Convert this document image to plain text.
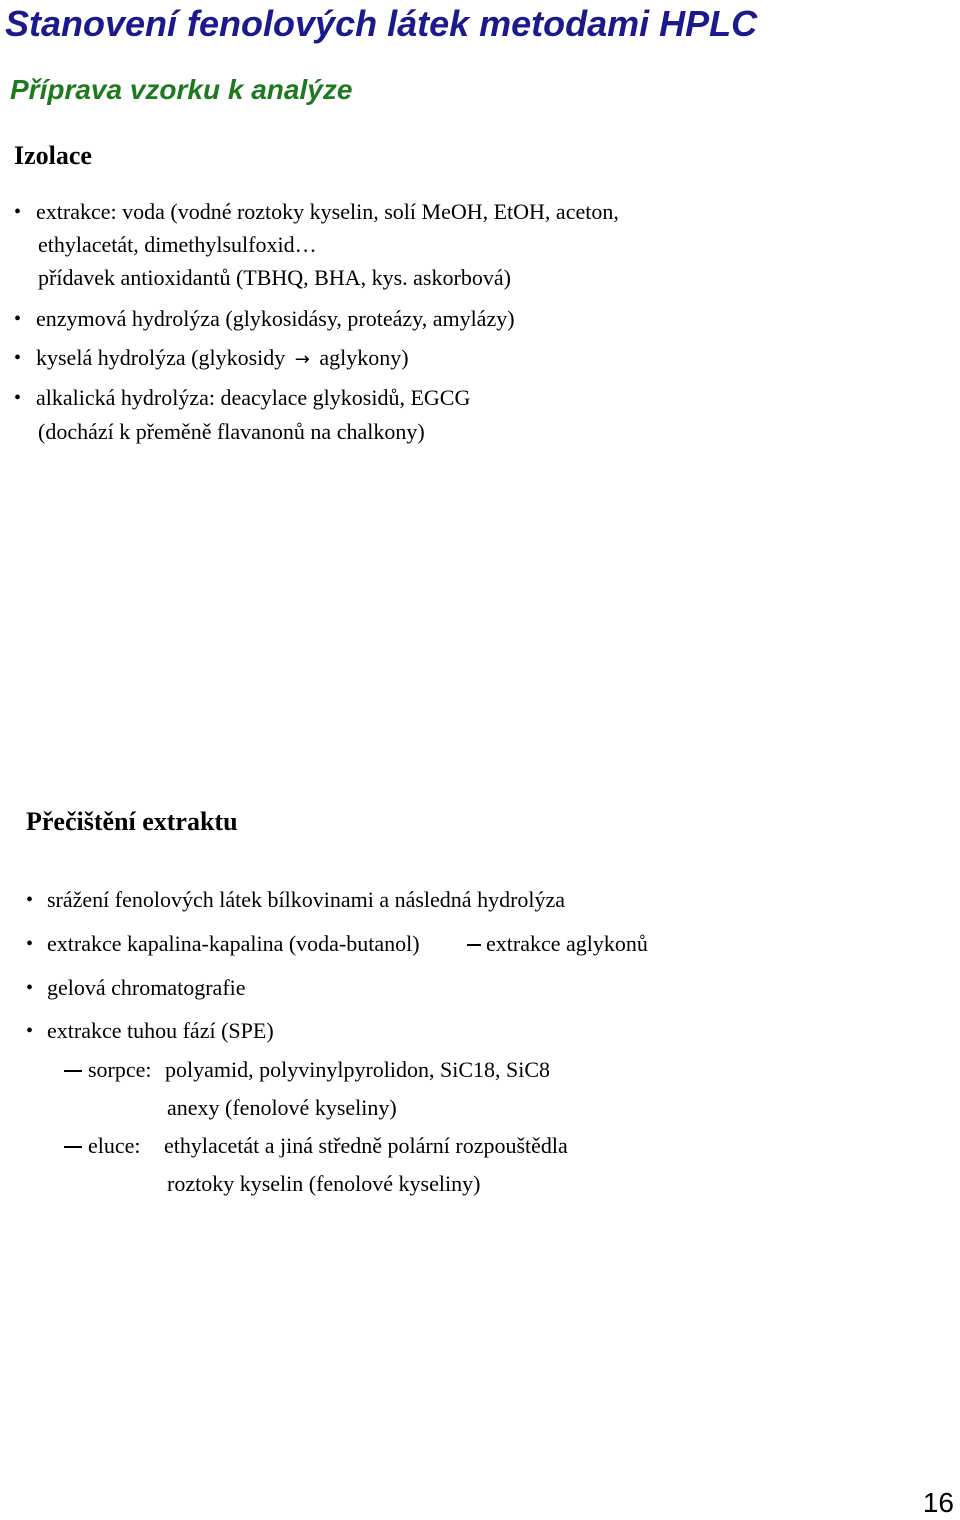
Stanovení fenolových látek metodami HPLC
Příprava vzorku k analýze
Izolace
• extrakce: voda (vodné roztoky kyselin, solí MeOH, EtOH, aceton,
ethylacetát, dimethylsulfoxid…
přídavek antioxidantů (TBHQ, BHA, kys. askorbová)
• enzymová hydrolýza (glykosidásy, proteázy, amylázy)
• kyselá hydrolýza (glykosidy → aglykony)
• alkalická hydrolýza: deacylace glykosidů, EGCG
(dochází k přeměně flavanonů na chalkony)
Přečištění extraktu
• srážení fenolových látek bílkovinami a následná hydrolýza
• extrakce kapalina-kapalina (voda-butanol)	extrakce aglykonů
• gelová chromatografie
• extrakce tuhou fází (SPE)
sorpce: polyamid, polyvinylpyrolidon, SiC18, SiC8
anexy (fenolové kyseliny)
eluce: ethylacetát a jiná středně polární rozpouštědla
roztoky kyselin (fenolové kyseliny)
16
